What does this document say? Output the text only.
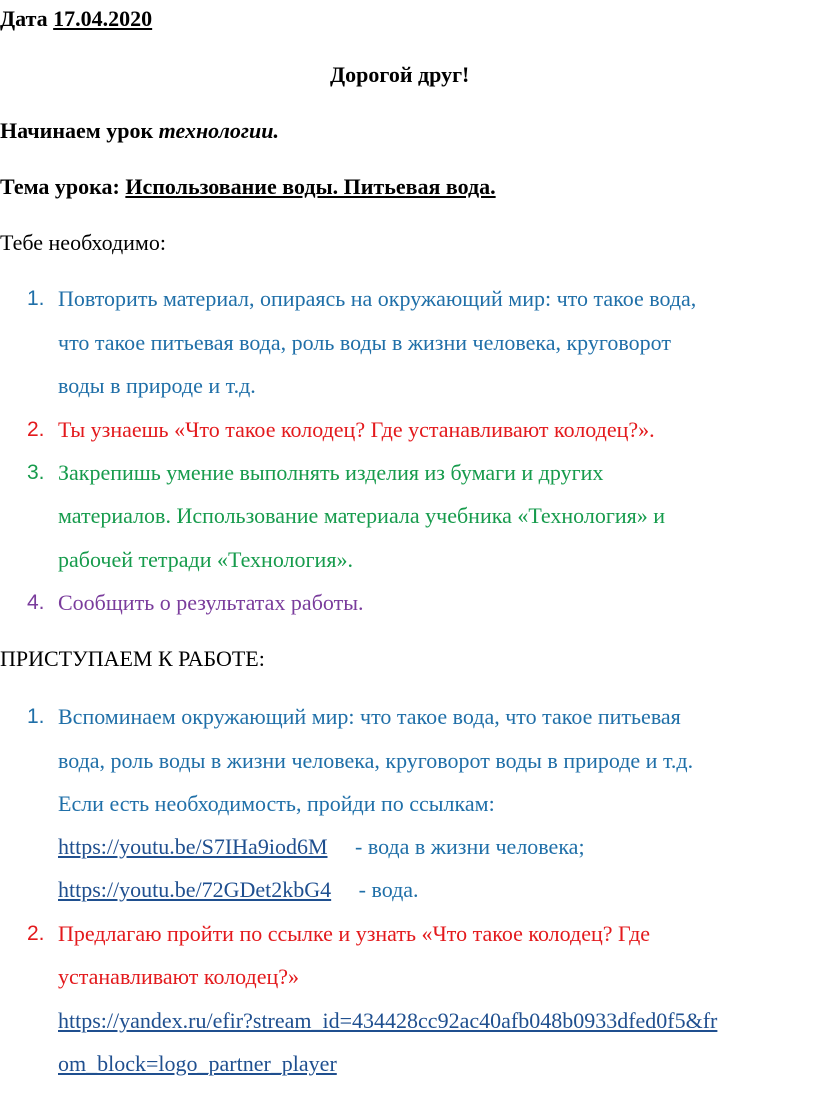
Дата 17.04.2020
Дорогой друг!
Начинаем урок технологии.
Тема урока: Использование воды. Питьевая вода.
Тебе необходимо:
1. Повторить материал, опираясь на окружающий мир: что такое вода,
что такое питьевая вода, роль воды в жизни человека, круговорот
воды в природе и т.д.
2. Ты узнаешь «Что такое колодец? Где устанавливают колодец?».
3. Закрепишь умение выполнять изделия из бумаги и других
материалов. Использование материала учебника «Технология» и
рабочей тетради «Технология».
4. Сообщить о результатах работы.
ПРИСТУПАЕМ К РАБОТЕ:
1. Вспоминаем окружающий мир: что такое вода, что такое питьевая
вода, роль воды в жизни человека, круговорот воды в природе и т.д.
Если есть необходимость, пройди по ссылкам:
https://youtu.be/S7IHa9iod6M - вода в жизни человека;
https://youtu.be/72GDet2kbG4 - вода.
2. Предлагаю пройти по ссылке и узнать «Что такое колодец? Где
устанавливают колодец?»
https://yandex.ru/efir?stream_id=434428cc92ac40afb048b0933dfed0f5&fr
om_block=logo_partner_player
